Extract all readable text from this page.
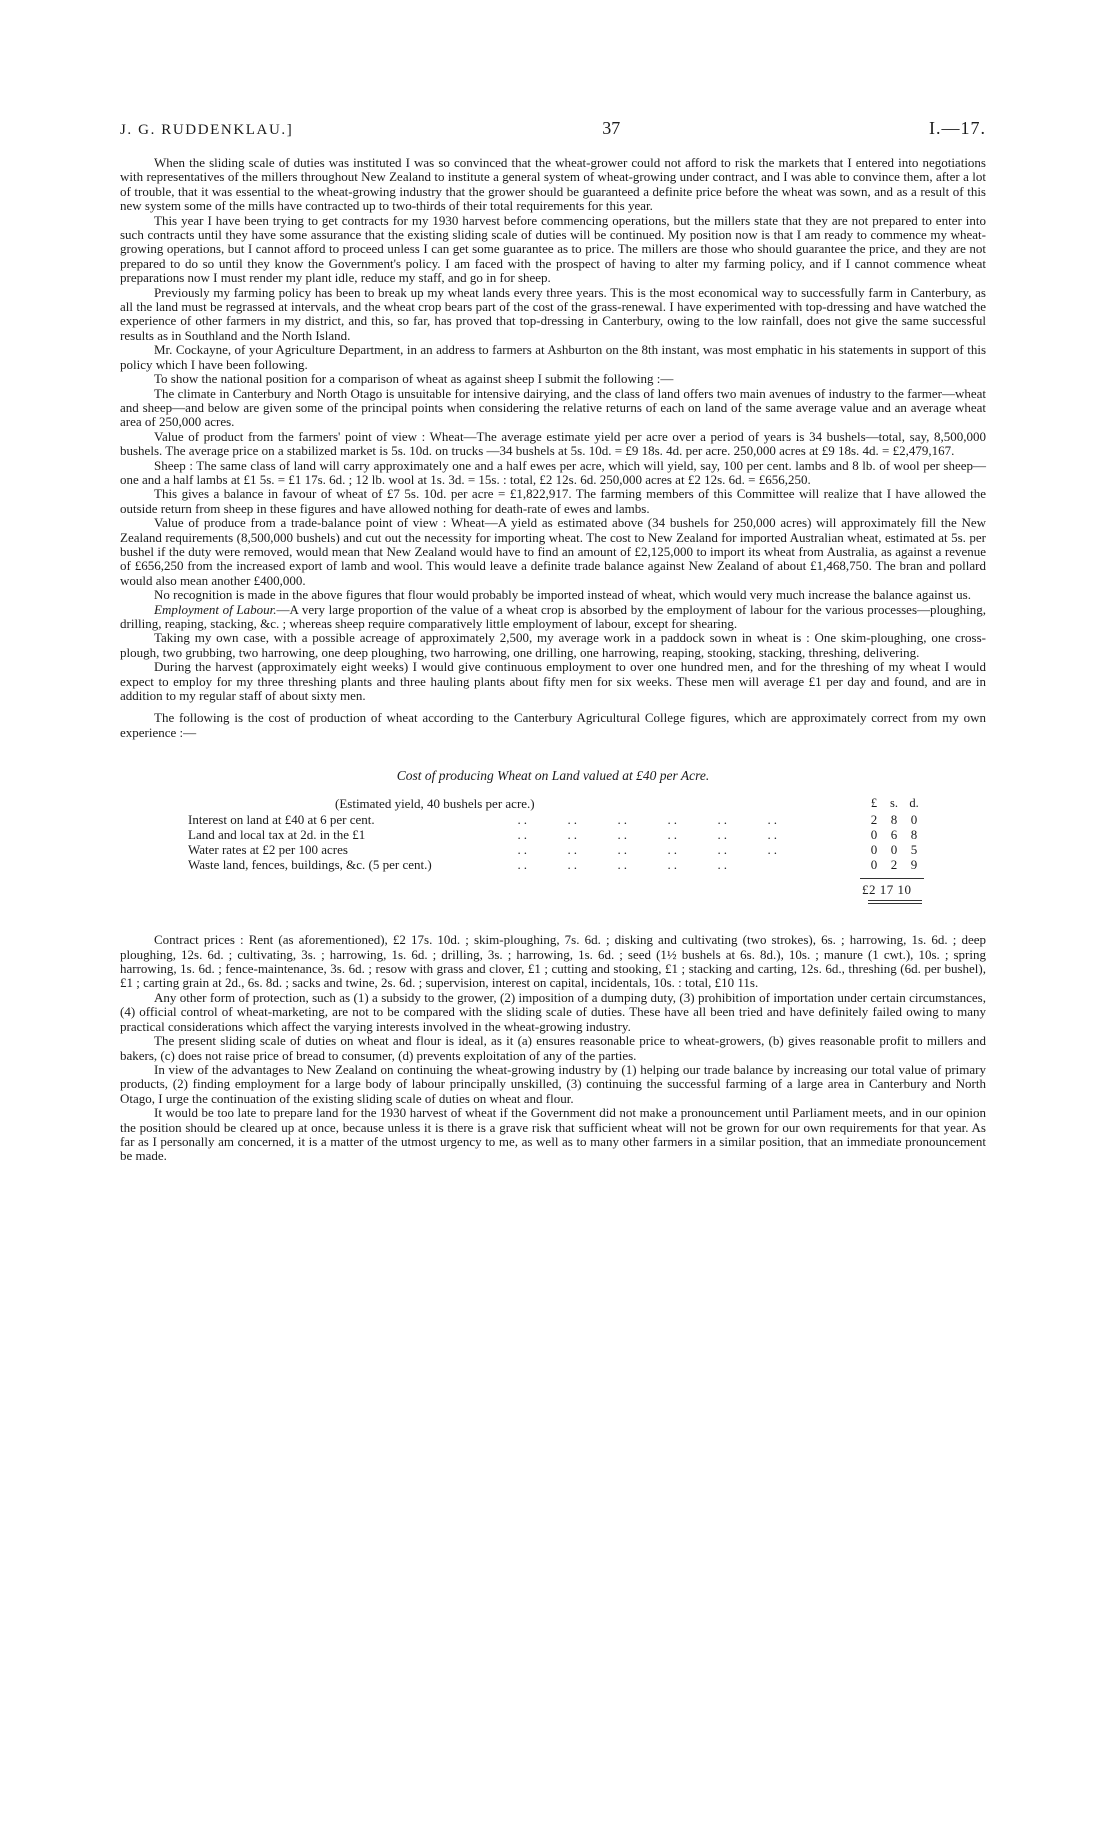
J. G. RUDDENKLAU.]	37	I.—17.

When the sliding scale of duties was instituted I was so convinced that the wheat-grower could not afford to risk the markets that I entered into negotiations with representatives of the millers throughout New Zealand to institute a general system of wheat-growing under contract, and I was able to convince them, after a lot of trouble, that it was essential to the wheat-growing industry that the grower should be guaranteed a definite price before the wheat was sown, and as a result of this new system some of the mills have contracted up to two-thirds of their total requirements for this year.

This year I have been trying to get contracts for my 1930 harvest before commencing operations, but the millers state that they are not prepared to enter into such contracts until they have some assurance that the existing sliding scale of duties will be continued. My position now is that I am ready to commence my wheat-growing operations, but I cannot afford to proceed unless I can get some guarantee as to price. The millers are those who should guarantee the price, and they are not prepared to do so until they know the Government's policy. I am faced with the prospect of having to alter my farming policy, and if I cannot commence wheat preparations now I must render my plant idle, reduce my staff, and go in for sheep.

Previously my farming policy has been to break up my wheat lands every three years. This is the most economical way to successfully farm in Canterbury, as all the land must be regrassed at intervals, and the wheat crop bears part of the cost of the grass-renewal. I have experimented with top-dressing and have watched the experience of other farmers in my district, and this, so far, has proved that top-dressing in Canterbury, owing to the low rainfall, does not give the same successful results as in Southland and the North Island.

Mr. Cockayne, of your Agriculture Department, in an address to farmers at Ashburton on the 8th instant, was most emphatic in his statements in support of this policy which I have been following.

To show the national position for a comparison of wheat as against sheep I submit the following :—

The climate in Canterbury and North Otago is unsuitable for intensive dairying, and the class of land offers two main avenues of industry to the farmer—wheat and sheep—and below are given some of the principal points when considering the relative returns of each on land of the same average value and an average wheat area of 250,000 acres.

Value of product from the farmers' point of view : Wheat—The average estimate yield per acre over a period of years is 34 bushels—total, say, 8,500,000 bushels. The average price on a stabilized market is 5s. 10d. on trucks —34 bushels at 5s. 10d. = £9 18s. 4d. per acre. 250,000 acres at £9 18s. 4d. = £2,479,167.

Sheep : The same class of land will carry approximately one and a half ewes per acre, which will yield, say, 100 per cent. lambs and 8 lb. of wool per sheep—one and a half lambs at £1 5s. = £1 17s. 6d. ; 12 lb. wool at 1s. 3d. = 15s. : total, £2 12s. 6d. 250,000 acres at £2 12s. 6d. = £656,250.

This gives a balance in favour of wheat of £7 5s. 10d. per acre = £1,822,917. The farming members of this Committee will realize that I have allowed the outside return from sheep in these figures and have allowed nothing for death-rate of ewes and lambs.

Value of produce from a trade-balance point of view : Wheat—A yield as estimated above (34 bushels for 250,000 acres) will approximately fill the New Zealand requirements (8,500,000 bushels) and cut out the necessity for importing wheat. The cost to New Zealand for imported Australian wheat, estimated at 5s. per bushel if the duty were removed, would mean that New Zealand would have to find an amount of £2,125,000 to import its wheat from Australia, as against a revenue of £656,250 from the increased export of lamb and wool. This would leave a definite trade balance against New Zealand of about £1,468,750. The bran and pollard would also mean another £400,000.

No recognition is made in the above figures that flour would probably be imported instead of wheat, which would very much increase the balance against us.

Employment of Labour.—A very large proportion of the value of a wheat crop is absorbed by the employment of labour for the various processes—ploughing, drilling, reaping, stacking, &c. ; whereas sheep require comparatively little employment of labour, except for shearing.

Taking my own case, with a possible acreage of approximately 2,500, my average work in a paddock sown in wheat is : One skim-ploughing, one cross-plough, two grubbing, two harrowing, one deep ploughing, two harrowing, one drilling, one harrowing, reaping, stooking, stacking, threshing, delivering.

During the harvest (approximately eight weeks) I would give continuous employment to over one hundred men, and for the threshing of my wheat I would expect to employ for my three threshing plants and three hauling plants about fifty men for six weeks. These men will average £1 per day and found, and are in addition to my regular staff of about sixty men.

The following is the cost of production of wheat according to the Canterbury Agricultural College figures, which are approximately correct from my own experience :—

Cost of producing Wheat on Land valued at £40 per Acre.
(Estimated yield, 40 bushels per acre.)	£	s. d.
Interest on land at £40 at 6 per cent.	..      ..      ..      ..      ..      ..	2	8	0
Land and local tax at 2d. in the £1	..      ..      ..      ..      ..      ..	0	6	8
Water rates at £2 per 100 acres	..      ..      ..      ..      ..      ..	0	0	5
Waste land, fences, buildings, &c. (5 per cent.)	..      ..      ..      ..      ..	0	2	9
£2 17 10

Contract prices : Rent (as aforementioned), £2 17s. 10d. ; skim-ploughing, 7s. 6d. ; disking and cultivating (two strokes), 6s. ; harrowing, 1s. 6d. ; deep ploughing, 12s. 6d. ; cultivating, 3s. ; harrowing, 1s. 6d. ; drilling, 3s. ; harrowing, 1s. 6d. ; seed (1½ bushels at 6s. 8d.), 10s. ; manure (1 cwt.), 10s. ; spring harrowing, 1s. 6d. ; fence-maintenance, 3s. 6d. ; resow with grass and clover, £1 ; cutting and stooking, £1 ; stacking and carting, 12s. 6d., threshing (6d. per bushel), £1 ; carting grain at 2d., 6s. 8d. ; sacks and twine, 2s. 6d. ; supervision, interest on capital, incidentals, 10s. : total, £10 11s.

Any other form of protection, such as (1) a subsidy to the grower, (2) imposition of a dumping duty, (3) prohibition of importation under certain circumstances, (4) official control of wheat-marketing, are not to be compared with the sliding scale of duties. These have all been tried and have definitely failed owing to many practical considerations which affect the varying interests involved in the wheat-growing industry.

The present sliding scale of duties on wheat and flour is ideal, as it (a) ensures reasonable price to wheat-growers, (b) gives reasonable profit to millers and bakers, (c) does not raise price of bread to consumer, (d) prevents exploitation of any of the parties.

In view of the advantages to New Zealand on continuing the wheat-growing industry by (1) helping our trade balance by increasing our total value of primary products, (2) finding employment for a large body of labour principally unskilled, (3) continuing the successful farming of a large area in Canterbury and North Otago, I urge the continuation of the existing sliding scale of duties on wheat and flour.

It would be too late to prepare land for the 1930 harvest of wheat if the Government did not make a pronouncement until Parliament meets, and in our opinion the position should be cleared up at once, because unless it is there is a grave risk that sufficient wheat will not be grown for our own requirements for that year. As far as I personally am concerned, it is a matter of the utmost urgency to me, as well as to many other farmers in a similar position, that an immediate pronouncement be made.
